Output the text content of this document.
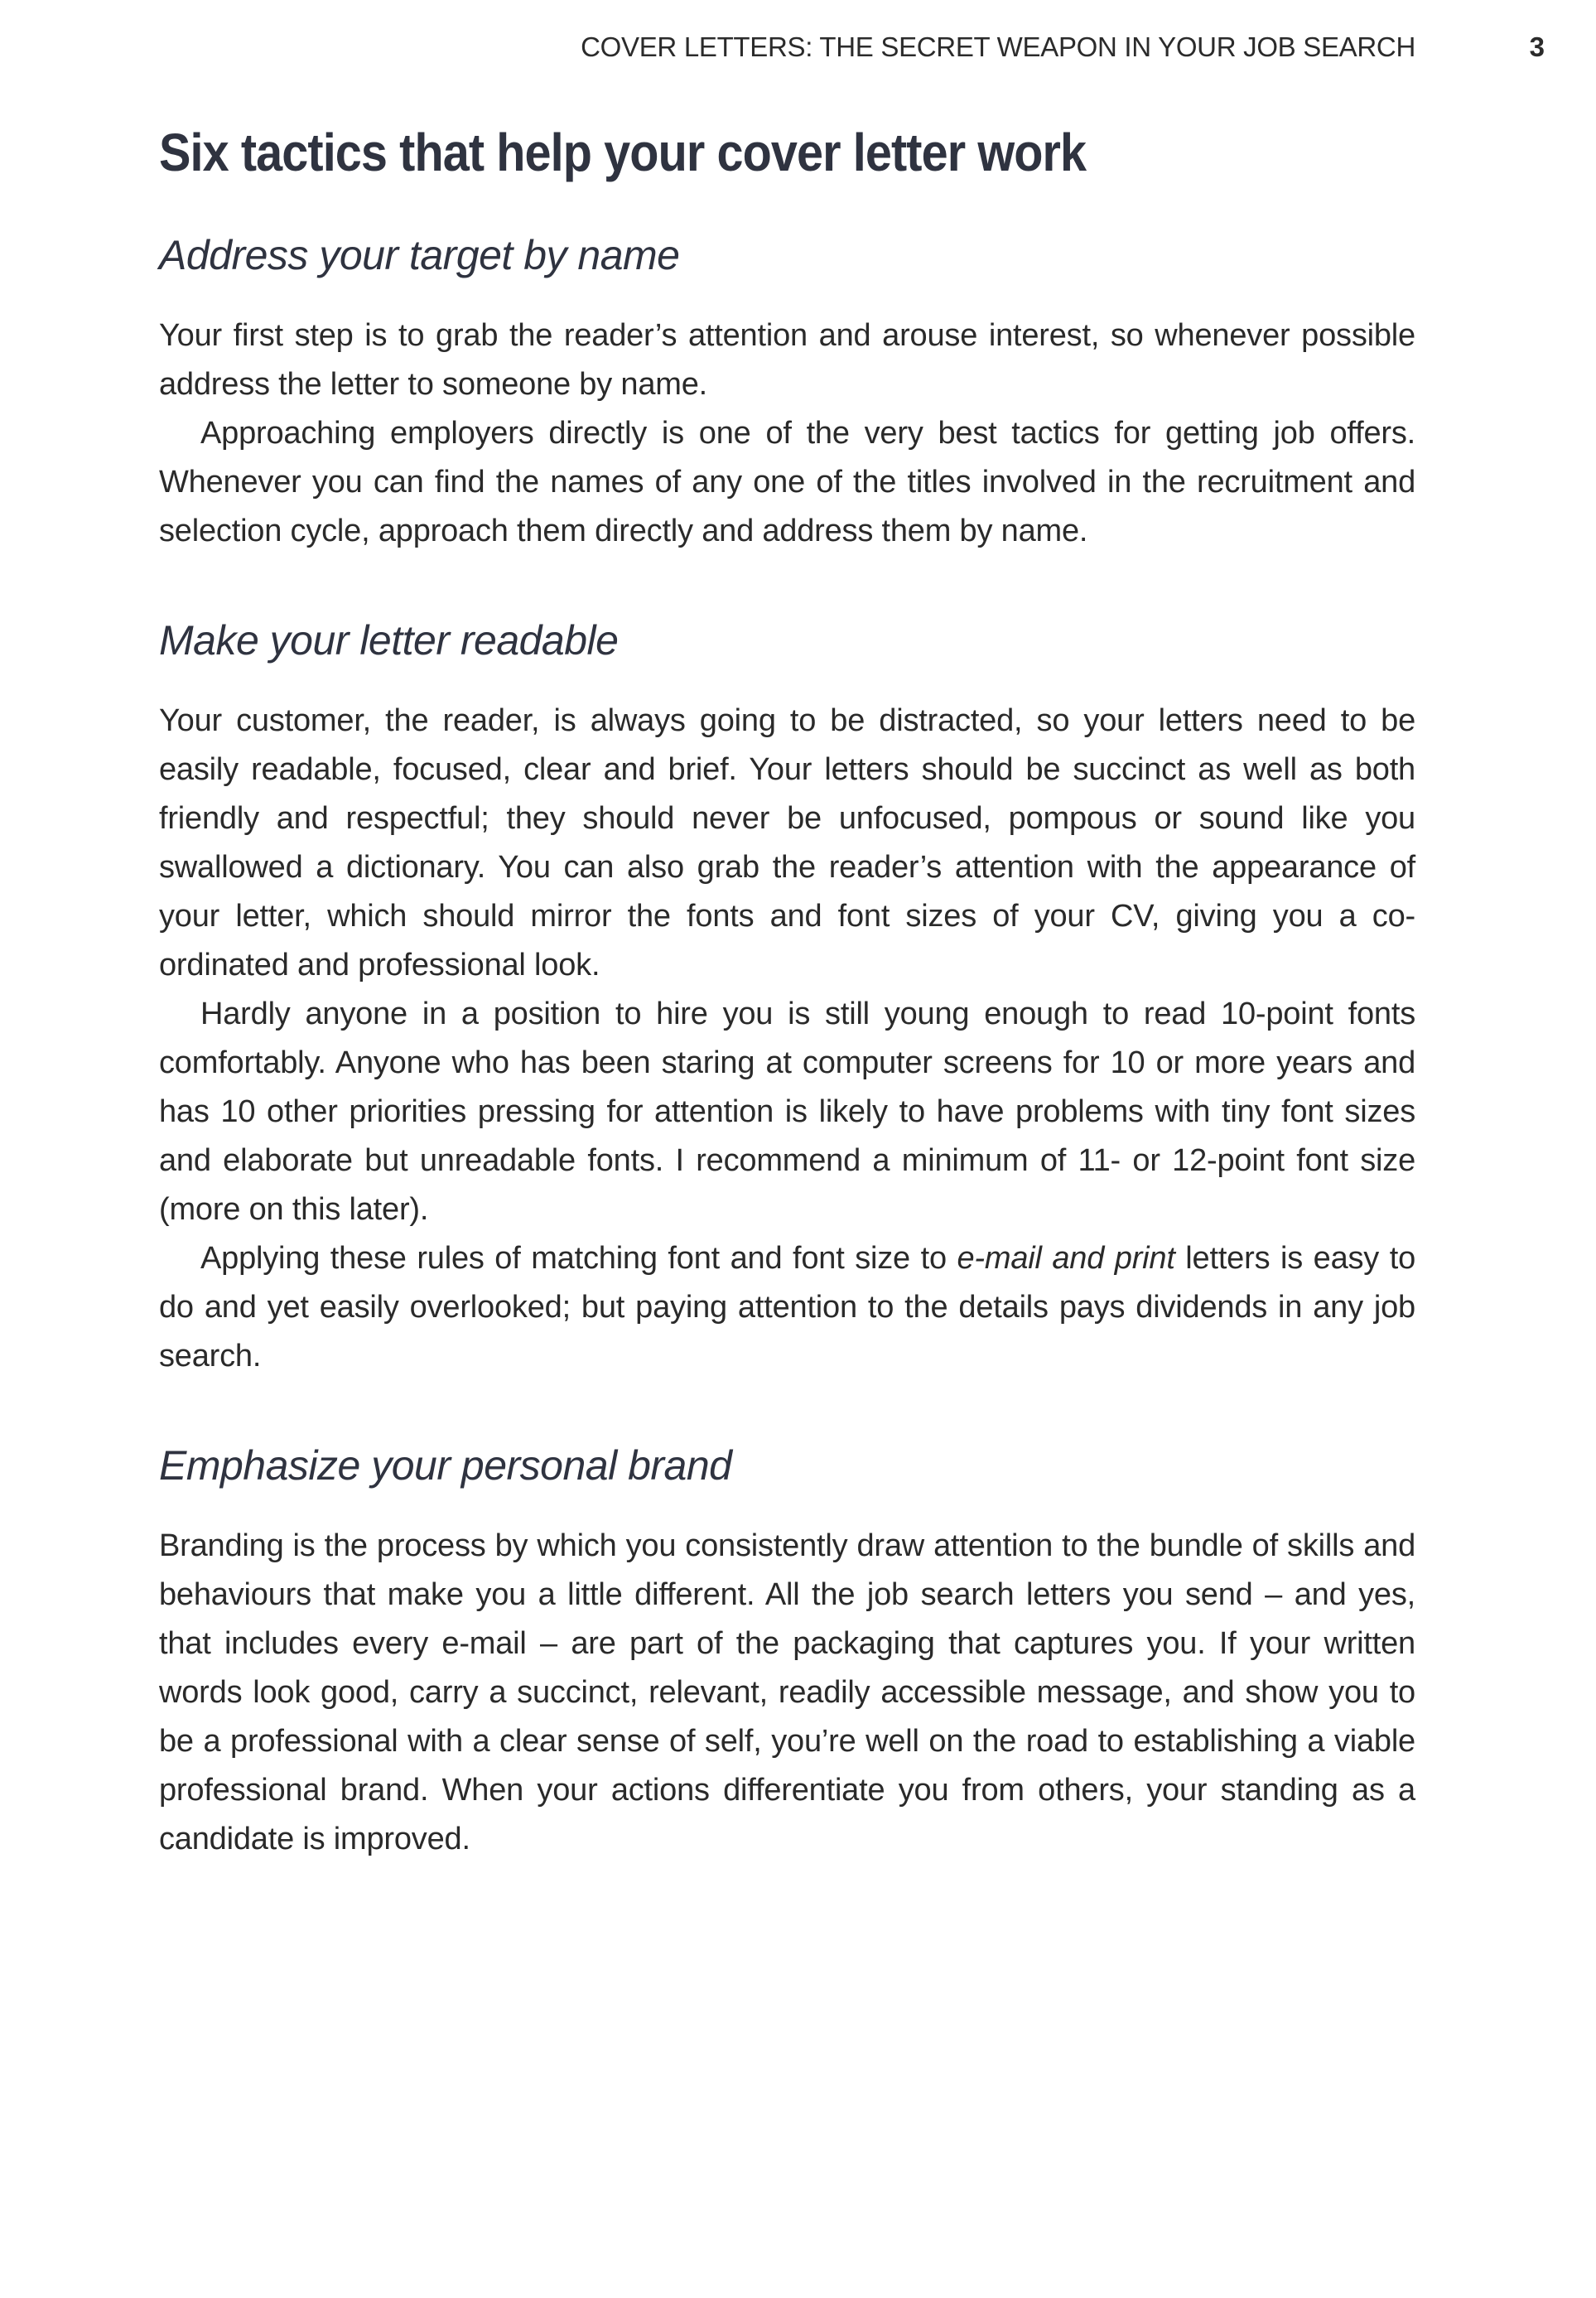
COVER LETTERS: THE SECRET WEAPON IN YOUR JOB SEARCH	3
Six tactics that help your cover letter work
Address your target by name

Your first step is to grab the reader’s attention and arouse interest, so whenever possible address the letter to someone by name.

Approaching employers directly is one of the very best tactics for getting job offers. Whenever you can find the names of any one of the titles involved in the recruitment and selection cycle, approach them directly and address them by name.

Make your letter readable

Your customer, the reader, is always going to be distracted, so your letters need to be easily readable, focused, clear and brief. Your letters should be succinct as well as both friendly and respectful; they should never be unfocused, pompous or sound like you swallowed a dictionary. You can also grab the reader’s attention with the appearance of your letter, which should mirror the fonts and font sizes of your CV, giving you a co-ordinated and professional look.

Hardly anyone in a position to hire you is still young enough to read 10-point fonts comfortably. Anyone who has been staring at computer screens for 10 or more years and has 10 other priorities pressing for attention is likely to have problems with tiny font sizes and elaborate but unreadable fonts. I recommend a minimum of 11- or 12-point font size (more on this later).

Applying these rules of matching font and font size to e-mail and print letters is easy to do and yet easily overlooked; but paying attention to the details pays dividends in any job search.

Emphasize your personal brand

Branding is the process by which you consistently draw attention to the bundle of skills and behaviours that make you a little different. All the job search letters you send – and yes, that includes every e-mail – are part of the packaging that captures you. If your written words look good, carry a succinct, relevant, readily accessible message, and show you to be a professional with a clear sense of self, you’re well on the road to establishing a viable professional brand. When your actions differentiate you from others, your standing as a candidate is improved.
